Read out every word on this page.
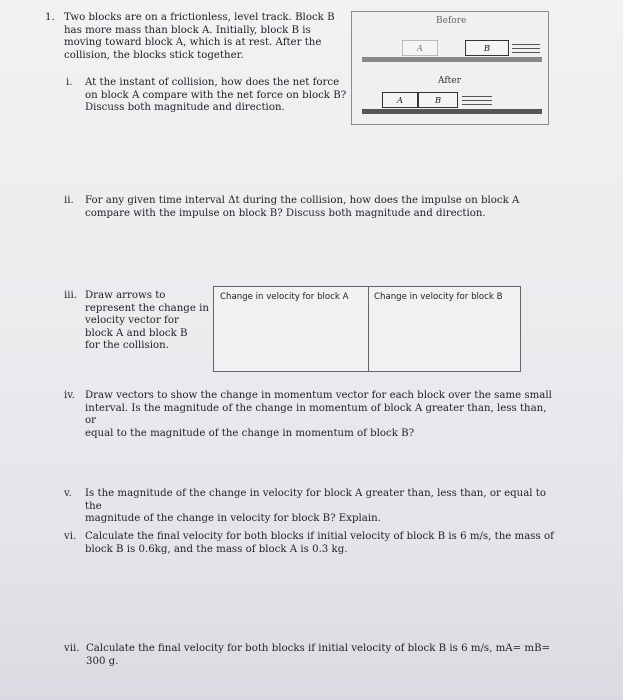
1. Two blocks are on a frictionless, level track. Block B

has more mass than block A. Initially, block B is

moving toward block A, which is at rest. After the

collision, the blocks stick together.

Before
A	B
After
A	B
i. At the instant of collision, how does the net force

on block A compare with the net force on block B?

Discuss both magnitude and direction.

ii. For any given time interval Δt during the collision, how does the impulse on block A

compare with the impulse on block B? Discuss both magnitude and direction.

iii. Draw arrows to

represent the change in

velocity vector for

block A and block B

for the collision.

Change in velocity for block A	Change in velocity for block B
iv. Draw vectors to show the change in momentum vector for each block over the same small

interval. Is the magnitude of the change in momentum of block A greater than, less than, or

equal to the magnitude of the change in momentum of block B?

v. Is the magnitude of the change in velocity for block A greater than, less than, or equal to the

magnitude of the change in velocity for block B? Explain.

vi. Calculate the final velocity for both blocks if initial velocity of block B is 6 m/s, the mass of

block B is 0.6kg, and the mass of block A is 0.3 kg.

vii. Calculate the final velocity for both blocks if initial velocity of block B is 6 m/s, mA= mB=

300 g.
